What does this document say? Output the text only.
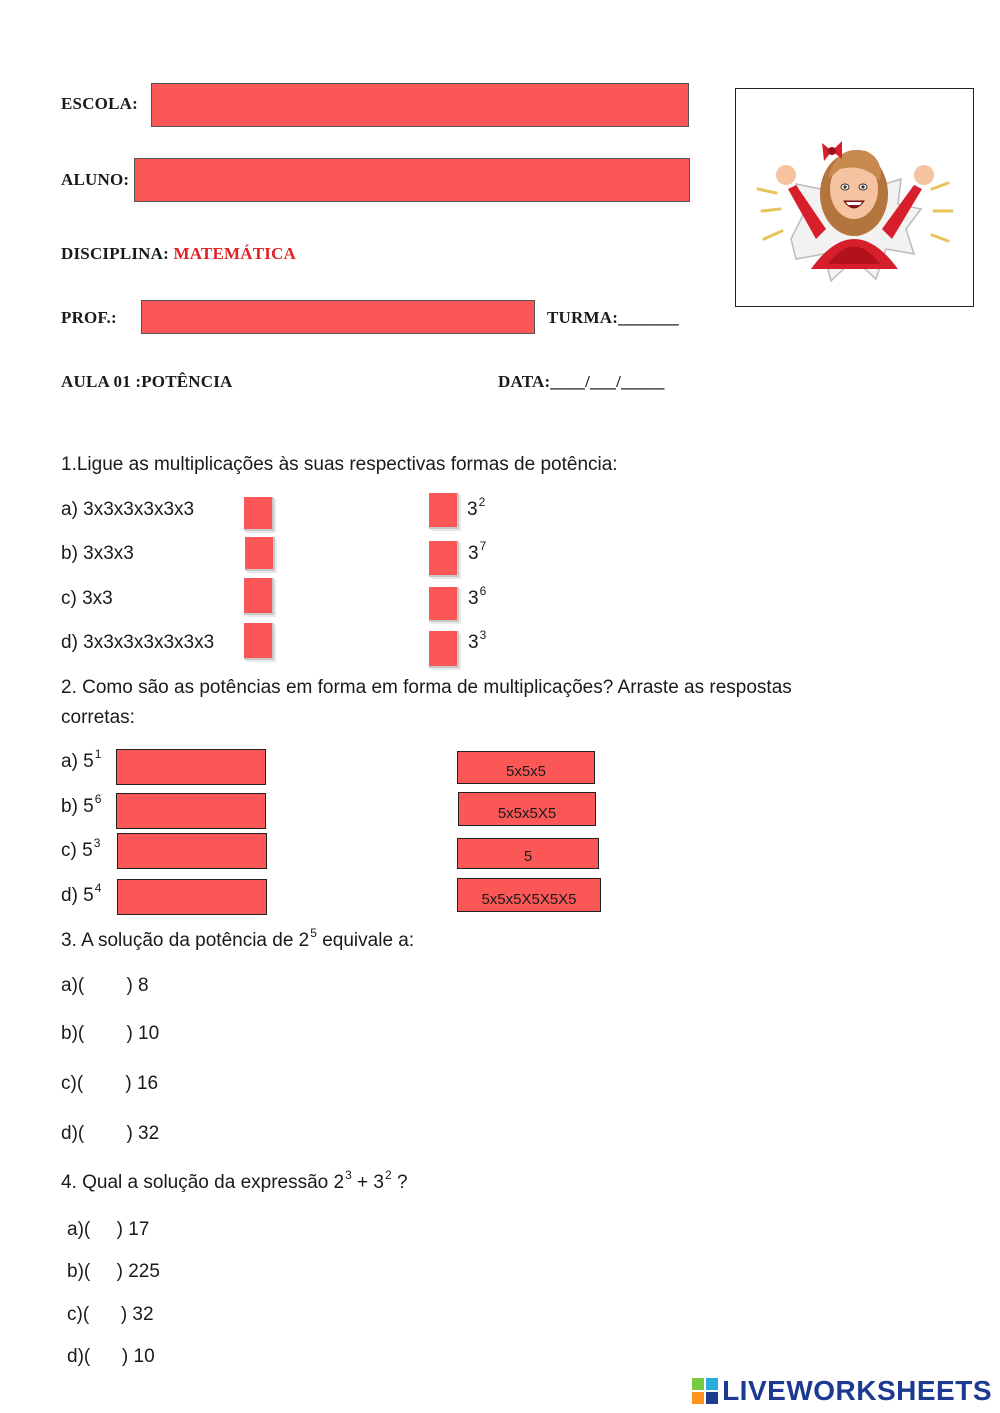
ESCOLA:
ALUNO:
DISCIPLINA: MATEMÁTICA
PROF.:	TURMA:_______
AULA 01 :POTÊNCIA	DATA:____/___/_____
1.Ligue as multiplicações às suas respectivas formas de potência:
a) 3x3x3x3x3x3
b) 3x3x3
c) 3x3
d) 3x3x3x3x3x3x3
$3^2$
$3^7$
$3^6$
$3^3$
2. Como são as potências em forma em forma de multiplicações? Arraste as respostas
corretas:
a) $5^1$
b) $5^6$
c) $5^3$
d) $5^4$
5x5x5
5x5x5X5
5
5x5x5X5X5X5
3. A solução da potência de $2^5$ equivale a:
a)(        ) 8
b)(        ) 10
c)(        ) 16
d)(        ) 32
4. Qual a solução da expressão $2^3 + 3^2$ ?
a)(     ) 17
b)(     ) 225
c)(      ) 32
d)(      ) 10
LIVEWORKSHEETS
